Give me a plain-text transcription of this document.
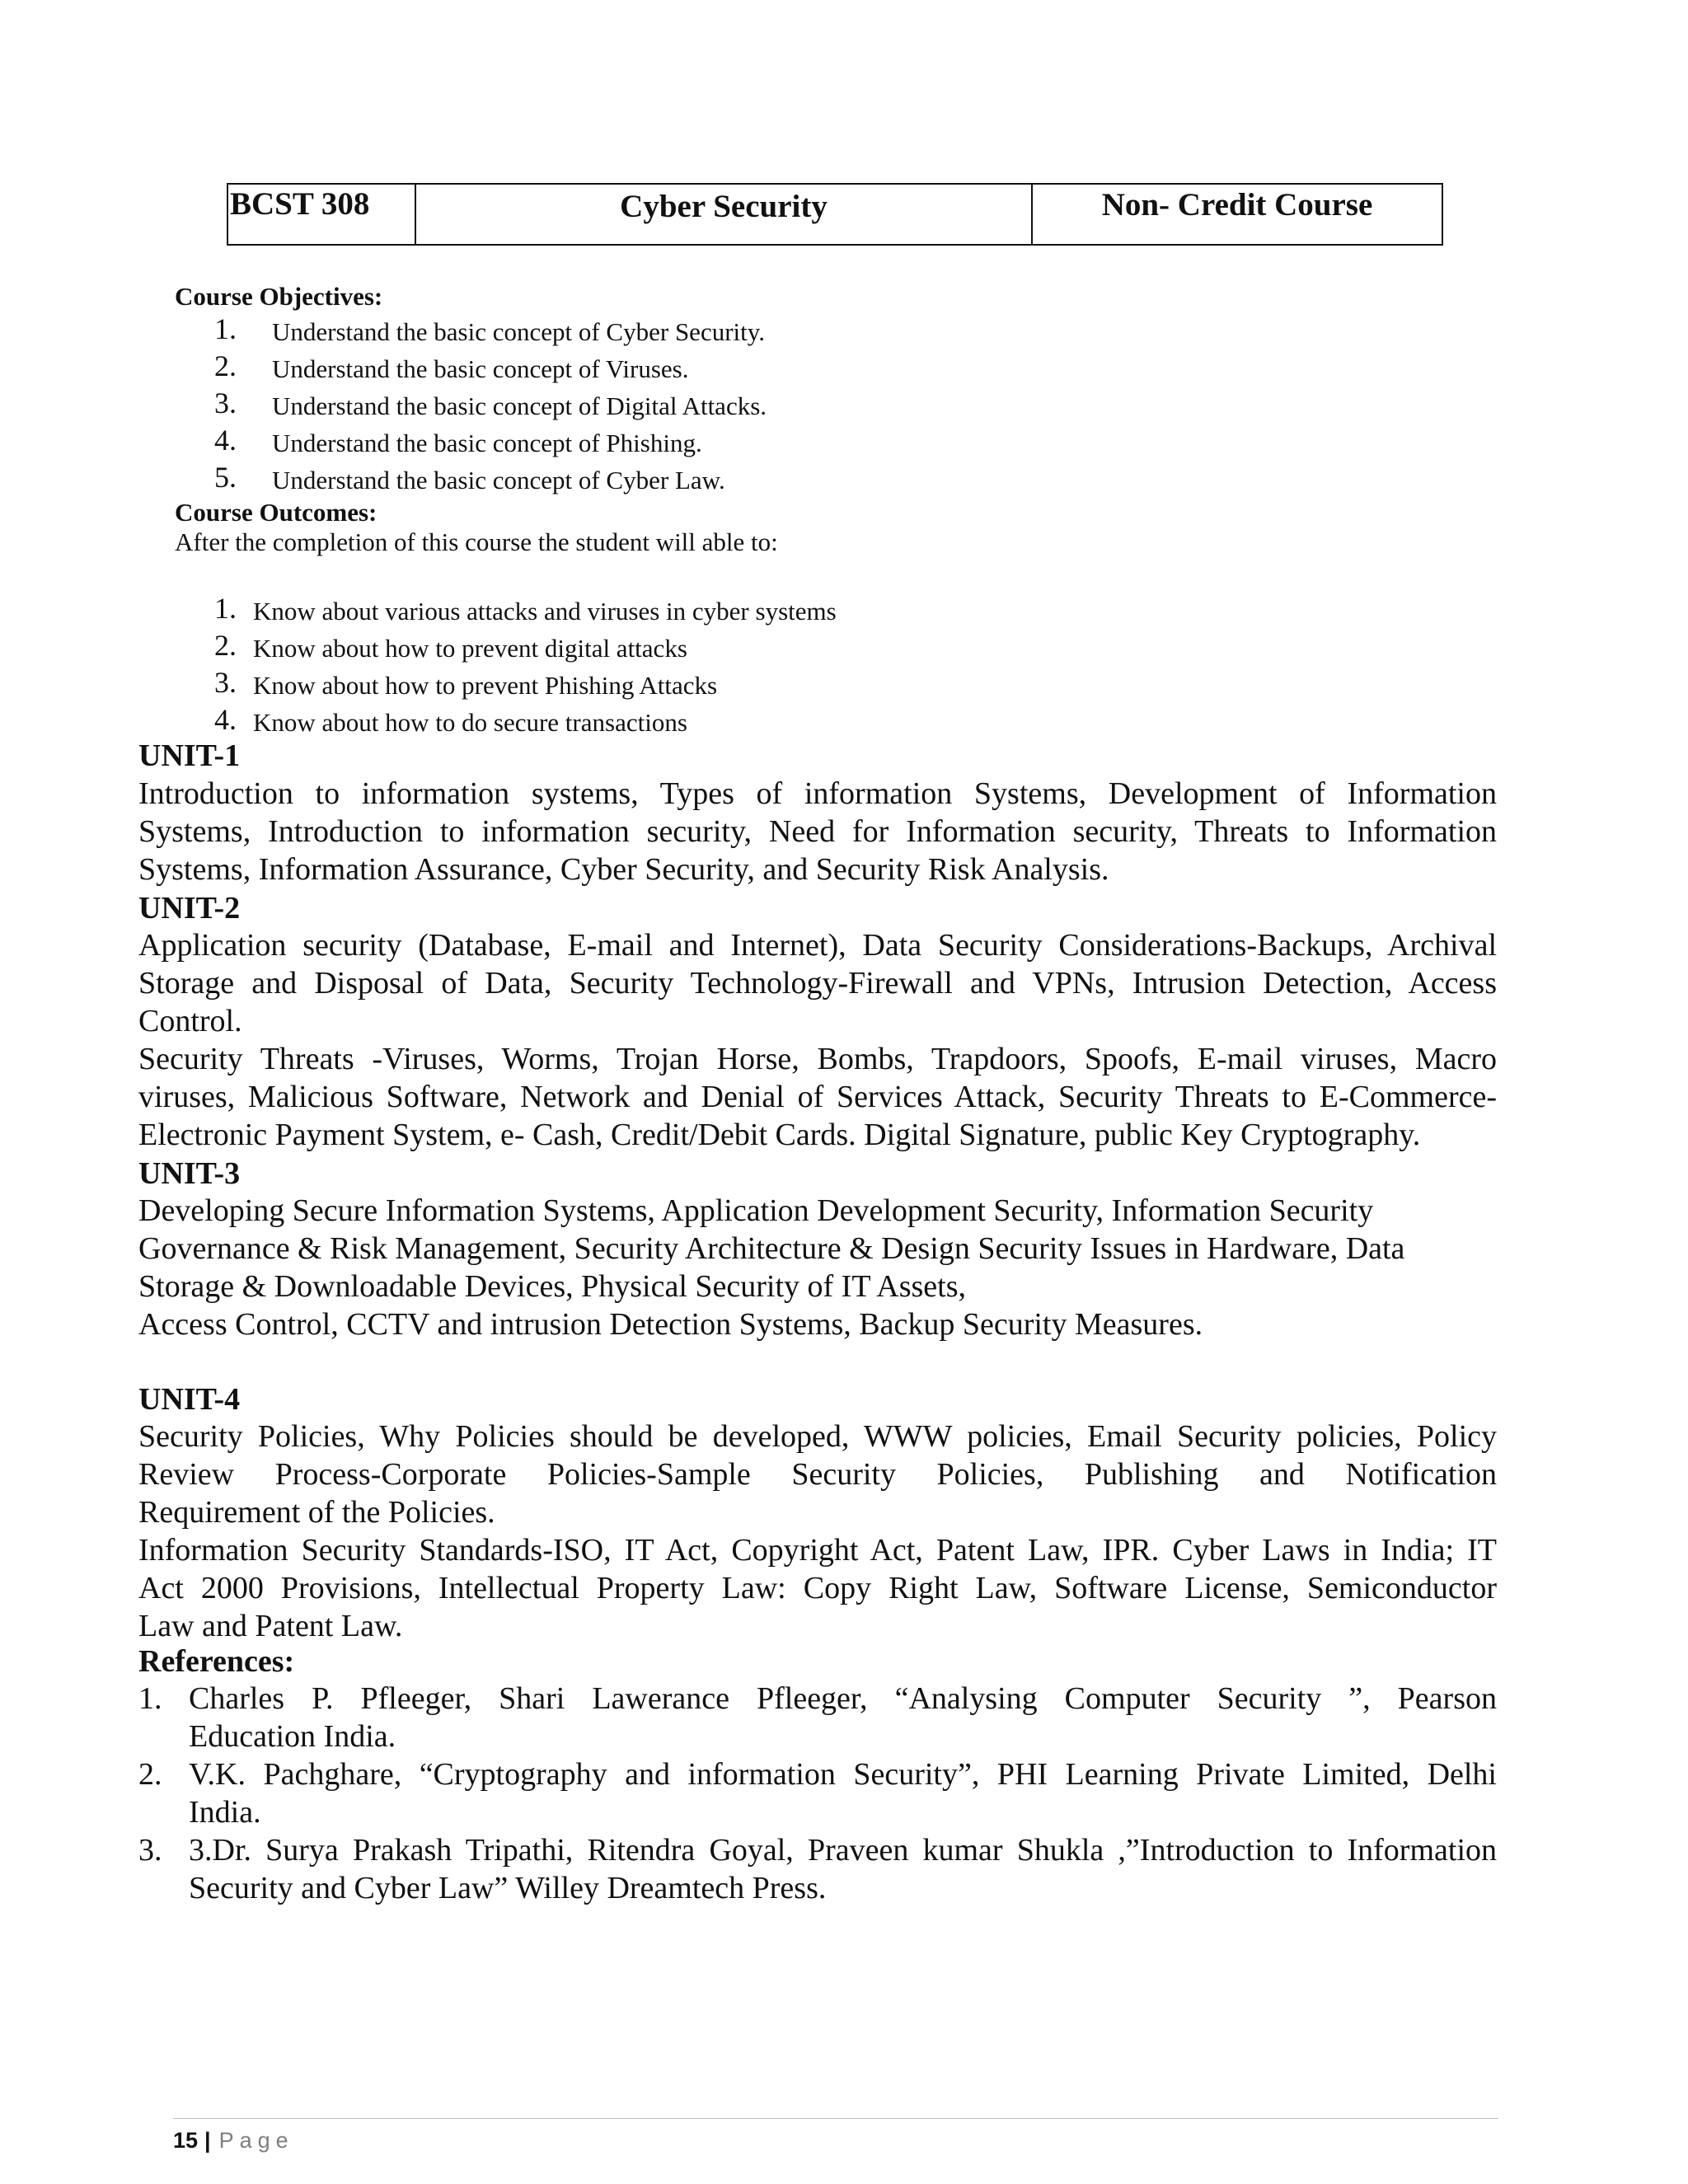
BCST 308	Cyber Security	Non- Credit Course
Course Objectives:
1. Understand the basic concept of Cyber Security.
2. Understand the basic concept of Viruses.
3. Understand the basic concept of Digital Attacks.
4. Understand the basic concept of Phishing.
5. Understand the basic concept of Cyber Law.
Course Outcomes:
After the completion of this course the student will able to:
1. Know about various attacks and viruses in cyber systems
2. Know about how to prevent digital attacks
3. Know about how to prevent Phishing Attacks
4. Know about how to do secure transactions
UNIT-1
Introduction to information systems, Types of information Systems, Development of Information
Systems, Introduction to information security, Need for Information security, Threats to Information
Systems, Information Assurance, Cyber Security, and Security Risk Analysis.
UNIT-2
Application security (Database, E-mail and Internet), Data Security Considerations-Backups, Archival
Storage and Disposal of Data, Security Technology-Firewall and VPNs, Intrusion Detection, Access
Control.
Security Threats -Viruses, Worms, Trojan Horse, Bombs, Trapdoors, Spoofs, E-mail viruses, Macro
viruses, Malicious Software, Network and Denial of Services Attack, Security Threats to E-Commerce-
Electronic Payment System, e- Cash, Credit/Debit Cards. Digital Signature, public Key Cryptography.
UNIT-3
Developing Secure Information Systems, Application Development Security, Information Security
Governance & Risk Management, Security Architecture & Design Security Issues in Hardware, Data
Storage & Downloadable Devices, Physical Security of IT Assets,
Access Control, CCTV and intrusion Detection Systems, Backup Security Measures.
UNIT-4
Security Policies, Why Policies should be developed, WWW policies, Email Security policies, Policy
Review Process-Corporate Policies-Sample Security Policies, Publishing and Notification
Requirement of the Policies.
Information Security Standards-ISO, IT Act, Copyright Act, Patent Law, IPR. Cyber Laws in India; IT
Act 2000 Provisions, Intellectual Property Law: Copy Right Law, Software License, Semiconductor
Law and Patent Law.
References:
1. Charles P. Pfleeger, Shari Lawerance Pfleeger, “Analysing Computer Security ”, Pearson
Education India.
2. V.K. Pachghare, “Cryptography and information Security”, PHI Learning Private Limited, Delhi
India.
3. 3.Dr. Surya Prakash Tripathi, Ritendra Goyal, Praveen kumar Shukla ,”Introduction to Information
Security and Cyber Law” Willey Dreamtech Press.
15 | Page
